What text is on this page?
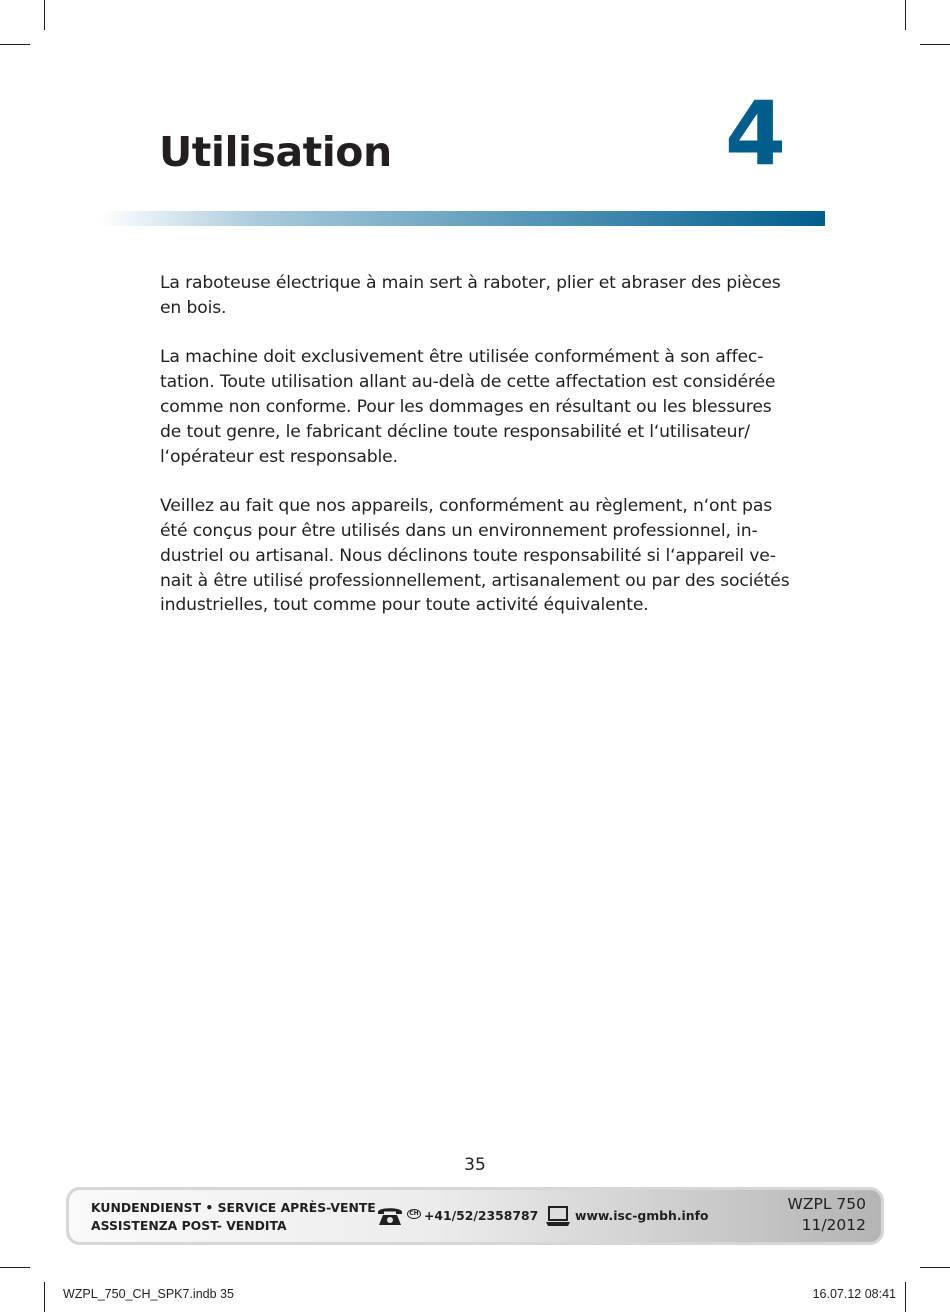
Utilisation	4

La raboteuse électrique à main sert à raboter, plier et abraser des pièces
en bois.

La machine doit exclusivement être utilisée conformément à son affec-
tation. Toute utilisation allant au-delà de cette affectation est considérée
comme non conforme. Pour les dommages en résultant ou les blessures
de tout genre, le fabricant décline toute responsabilité et l‘utilisateur/
l‘opérateur est responsable.

Veillez au fait que nos appareils, conformément au règlement, n‘ont pas
été conçus pour être utilisés dans un environnement professionnel, in-
dustriel ou artisanal. Nous déclinons toute responsabilité si l‘appareil ve-
nait à être utilisé professionnellement, artisanalement ou par des sociétés
industrielles, tout comme pour toute activité équivalente.

35
KUNDENDIENST • SERVICE APRÈS-VENTE
ASSISTENZA POST- VENDITA
CH +41/52/2358787	www.isc-gmbh.info
WZPL 750
11/2012
WZPL_750_CH_SPK7.indb 35	16.07.12 08:41
